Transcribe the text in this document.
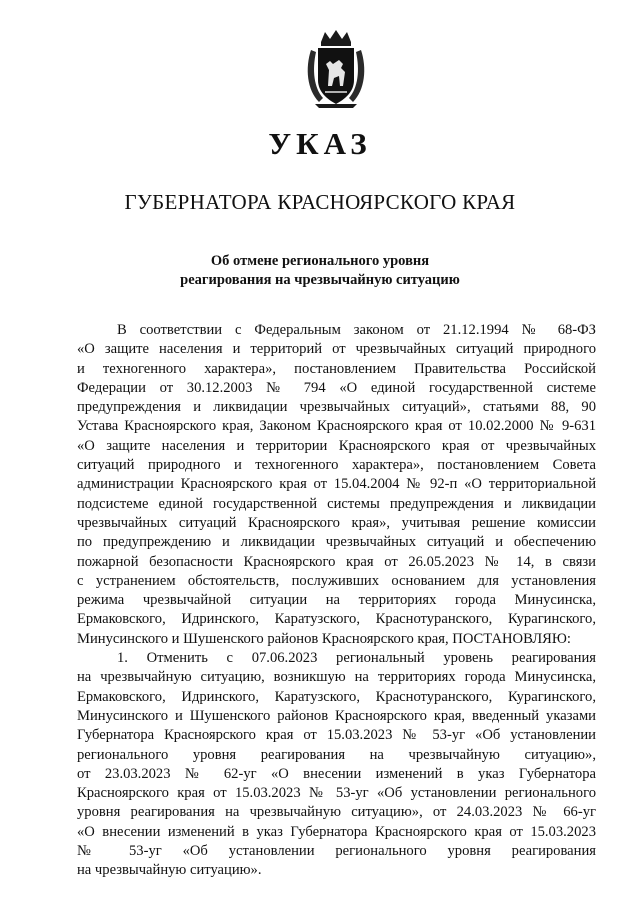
УКАЗ
ГУБЕРНАТОРА КРАСНОЯРСКОГО КРАЯ
Об отмене регионального уровня
реагирования на чрезвычайную ситуацию
В соответствии с Федеральным законом от 21.12.1994 № 68-ФЗ
«О защите населения и территорий от чрезвычайных ситуаций природного
и техногенного характера», постановлением Правительства Российской
Федерации от 30.12.2003 № 794 «О единой государственной системе
предупреждения и ликвидации чрезвычайных ситуаций», статьями 88, 90
Устава Красноярского края, Законом Красноярского края от 10.02.2000 № 9-631
«О защите населения и территории Красноярского края от чрезвычайных
ситуаций природного и техногенного характера», постановлением Совета
администрации Красноярского края от 15.04.2004 № 92-п «О территориальной
подсистеме единой государственной системы предупреждения и ликвидации
чрезвычайных ситуаций Красноярского края», учитывая решение комиссии
по предупреждению и ликвидации чрезвычайных ситуаций и обеспечению
пожарной безопасности Красноярского края от 26.05.2023 № 14, в связи
с устранением обстоятельств, послуживших основанием для установления
режима чрезвычайной ситуации на территориях города Минусинска,
Ермаковского, Идринского, Каратузского, Краснотуранского, Курагинского,
Минусинского и Шушенского районов Красноярского края, ПОСТАНОВЛЯЮ:
1. Отменить с 07.06.2023 региональный уровень реагирования
на чрезвычайную ситуацию, возникшую на территориях города Минусинска,
Ермаковского, Идринского, Каратузского, Краснотуранского, Курагинского,
Минусинского и Шушенского районов Красноярского края, введенный указами
Губернатора Красноярского края от 15.03.2023 № 53-уг «Об установлении
регионального уровня реагирования на чрезвычайную ситуацию»,
от 23.03.2023 № 62-уг «О внесении изменений в указ Губернатора
Красноярского края от 15.03.2023 № 53-уг «Об установлении регионального
уровня реагирования на чрезвычайную ситуацию», от 24.03.2023 № 66-уг
«О внесении изменений в указ Губернатора Красноярского края от 15.03.2023
№ 53-уг «Об установлении регионального уровня реагирования
на чрезвычайную ситуацию».
